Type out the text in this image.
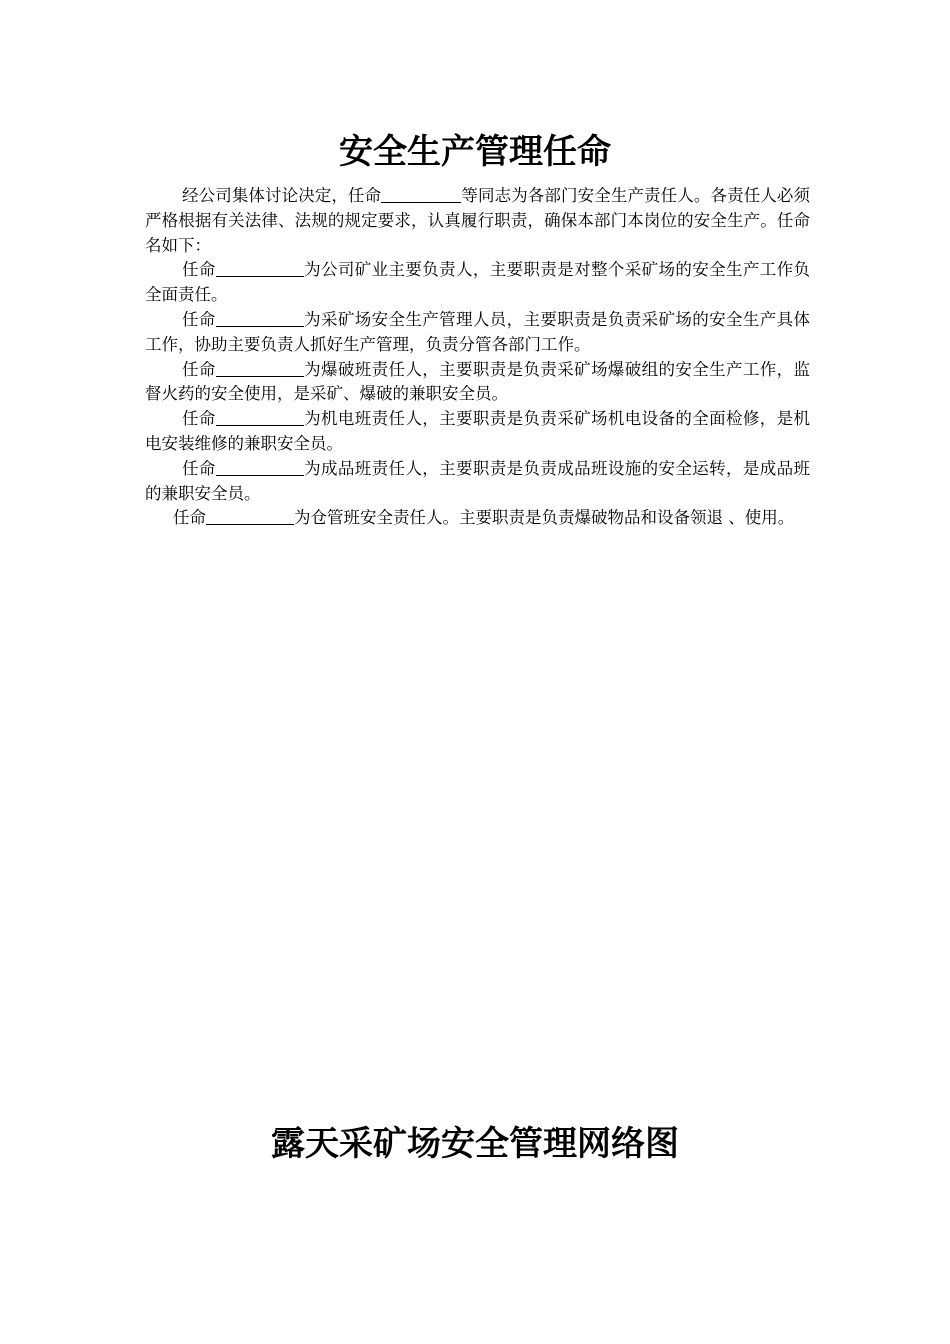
安全生产管理任命

经公司集体讨论决定，任命	等同志为各部门安全生产责任人。各责任人必须严格根据有关法律、法规的规定要求，认真履行职责，确保本部门本岗位的安全生产。任命名如下：

任命	为公司矿业主要负责人，主要职责是对整个采矿场的安全生产工作负全面责任。

任命	为采矿场安全生产管理人员，主要职责是负责采矿场的安全生产具体工作，协助主要负责人抓好生产管理，负责分管各部门工作。

任命	为爆破班责任人，主要职责是负责采矿场爆破组的安全生产工作，监督火药的安全使用，是采矿、爆破的兼职安全员。

任命	为机电班责任人，主要职责是负责采矿场机电设备的全面检修，是机电安装维修的兼职安全员。

任命	为成品班责任人，主要职责是负责成品班设施的安全运转，是成品班的兼职安全员。

任命	为仓管班安全责任人。主要职责是负责爆破物品和设备领退 、使用。

露天采矿场安全管理网络图
